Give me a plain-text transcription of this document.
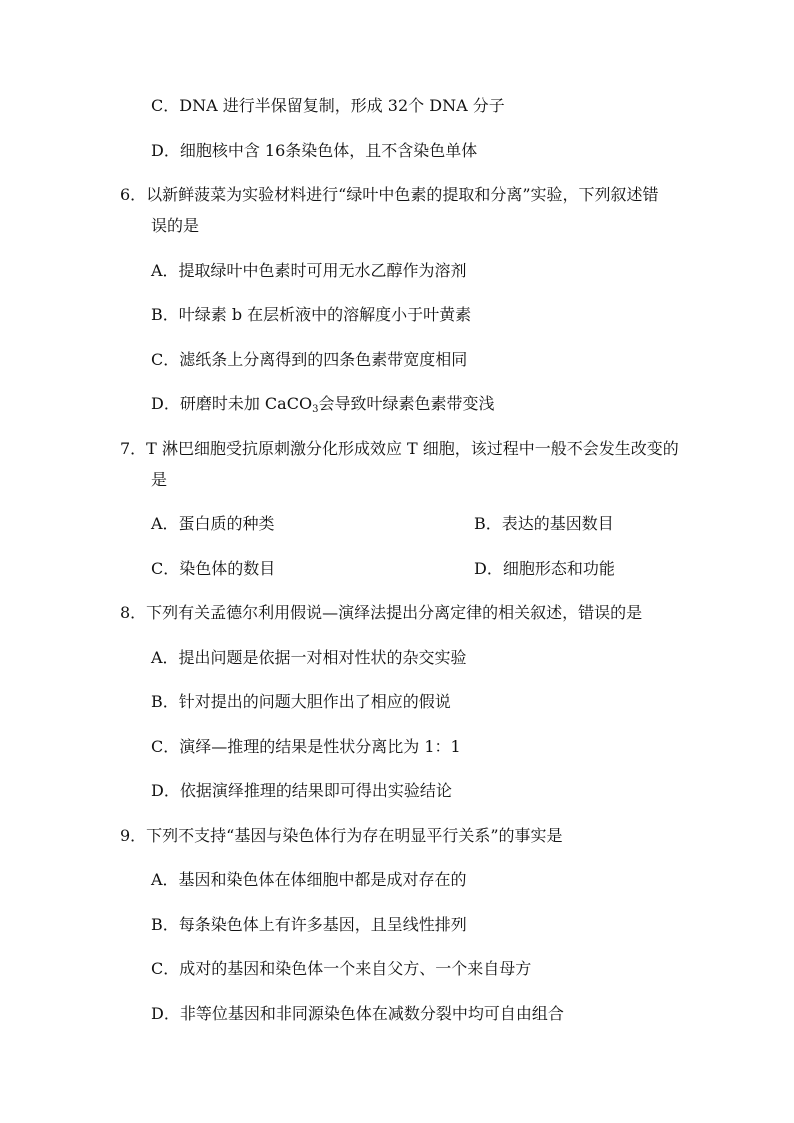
C．DNA 进行半保留复制，形成 32个 DNA 分子
D．细胞核中含 16条染色体，且不含染色单体
6．以新鲜菠菜为实验材料进行“绿叶中色素的提取和分离”实验，下列叙述错
误的是
A．提取绿叶中色素时可用无水乙醇作为溶剂
B．叶绿素 b 在层析液中的溶解度小于叶黄素
C．滤纸条上分离得到的四条色素带宽度相同
D．研磨时未加 CaCO$_3$会导致叶绿素色素带变浅
7．T 淋巴细胞受抗原刺激分化形成效应 T 细胞，该过程中一般不会发生改变的
是
A．蛋白质的种类	B．表达的基因数目
C．染色体的数目	D．细胞形态和功能
8．下列有关孟德尔利用假说—演绎法提出分离定律的相关叙述，错误的是
A．提出问题是依据一对相对性状的杂交实验
B．针对提出的问题大胆作出了相应的假说
C．演绎—推理的结果是性状分离比为 1：1
D．依据演绎推理的结果即可得出实验结论
9．下列不支持“基因与染色体行为存在明显平行关系”的事实是
A．基因和染色体在体细胞中都是成对存在的
B．每条染色体上有许多基因，且呈线性排列
C．成对的基因和染色体一个来自父方、一个来自母方
D．非等位基因和非同源染色体在减数分裂中均可自由组合
